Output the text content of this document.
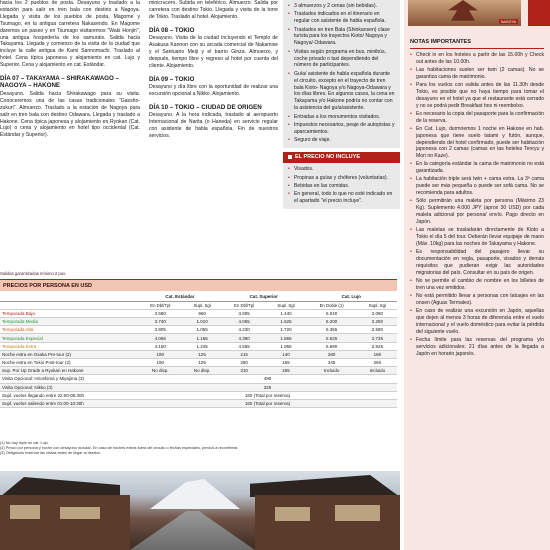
hacia los 2 pueblos de posta. Desayuno y traslado a la estación para salir en tren bala con destino a Nagoya. Llegada y visita de los pueblos de posta, Magome y Tsumago, en la antigua carretera Nakasendo. En Magome daremos un paseo y en Tsumago visitaremos "Waki Honjin", una antigua hospedería de los samuráis. Salida hacia Takayama. Llegada y comienzo de la visita de la ciudad que incluye la calle antigua de Kami Sannomachi. Traslado al hotel. Cena típica japonesa y alojamiento en cat. Lujo y Superior. Cena y alojamiento en cat. Estándar.
DÍA 07 – TAKAYAMA – SHIRAKAWAGO – NAGOYA – HAKONE
Desayuno. Salida hacia Shirakawago para su visita. Conoceremos una de las casas tradicionales "Gassho-zukuri". Almuerzo. Traslado a la estación de Nagoya para salir en tren bala con destino Odawara. Llegada y traslado a Hakone. Cena típica japonesa y alojamiento en Ryokan (Cat. Lujo) o cena y alojamiento en hotel tipo occidental (Cat. Estándar y Superior).
minicrucero. Subida en teleférico. Almuerzo. Salida por carretera con destino Tokio. Llegada y visita de la torre de Tokio. Traslado al hotel. Alojamiento.
DÍA 08 – TOKIO
Desayuno. Visita de la ciudad incluyendo el Templo de Asakusa Kannon con su arcada comercial de Nakamise y el Santuario Meiji y el barrio Ginza. Almuerzo, y después, tiempo libre y regreso al hotel por cuenta del cliente. Alojamiento.
DÍA 09 – TOKIO
Desayuno y día libre con la oportunidad de realizar una excursión opcional a Nikko. Alojamiento.
DÍA 10 – TOKIO – CIUDAD DE ORIGEN
Desayuno. A la hora indicada, traslado al aeropuerto Internacional de Narita (o Haneda) en servicio regular con asistente de habla española. Fin de nuestros servicios.
• 3 almuerzos y 2 cenas (sin bebidas).
• Traslados indicados en el itinerario en regular con asistente de habla española.
• Traslados en tren Bala (Shinkansen) clase turista para los trayectos Kioto/ Nagoya y Nagoya/ Odawara.
• Visitas según programa en bus, minibús, coche privado o taxi dependiendo del número de participantes.
• Guía/ asistente de habla española durante el circuito, excepto en el trayecto de tren bala Kioto- Nagoya y/o Nagoya-Odawara y los días libres. En algunos casos, la cena en Takayama y/o Hakone podría no contar con la asistencia del guía/asistente.
• Entradas a los monumentos visitados.
• Impuestos necesarios, peaje de autopistas y aparcamientos.
• Seguro de viaje.
EL PRECIO NO INCLUYE
• Visados.
• Propinas a guías y chóferes (voluntarias).
• Bebidas en las comidas.
• En general, todo lo que no esté indicado en el apartado "el precio incluye".
NOTAS IMPORTANTES
• Check in en los hoteles a partir de las 15.00h y Check out antes de las 10.00h.
• Las habitaciones suelen ser twin (2 camas). No se garantiza cama de matrimonio.
• Para los vuelos con salida antes de las 11.30h desde Tokio, es posible que no haya tiempo para tomar el desayuno en el hotel ya que el restaurante está cerrado y no se podrá pedir Breakfast box ni reembolso.
• Es necesario la copia del pasaporte para la confirmación de la reserva.
• En Cat. Lujo, durmiremos 1 noche en Hakone en hab. japonesa que tiene suelo tatami y futón, aunque, dependiendo del hotel confirmado, puede ser habitación japonesa con 2 camas (camas en las hoteles Tenryu y Mori no Kaze).
• En la categoría estándar la cama de matrimonio no está garantizada.
• La habitación triple será twin + cama extra. La 3ª cama puede ser más pequeña o puede ser sofá cama. No se recomienda para adultos.
• Sólo permitirán una maleta por persona (Máximo 23 Kg). Suplemento 4.000 JPY (aprox 30 USD) por cada maleta adicional por persona/ envío. Pago directo en Japón.
• Las maletas se trasladarán directamente de Kioto a Tokio el día 5 del tour. Deberán llevar equipaje de mano (Máx. 10kg) para las noches de Takayama y Hakone.
• Es responsabilidad del pasajero llevar su documentación en regla, pasaporte, visados y demás requisitos que pudieran exigir las autoridades migratorias del país. Consultar en su país de origen.
• No se permite el cambio de nombre en los billetes de tren una vez emitidos.
• No está permitido llevar a personas con tatuajes en las onsen (Aguas Termales).
• En caso de realizar una excursión en Japón, aquellas que dejen al menos 3 horas de diferencia entre el vuelo internacional y el vuelo doméstico para evitar la pérdida del siguiente vuelo.
• Fecha límite para las reservas del programa y/o servicios adicionales: 21 días antes de la llegada a Japón en horario japonés.
NAGOYA
Salidas garantizadas mínimo 2 pax.
PRECIOS POR PERSONA EN USD
	Cat. Estándar		Cat. Superior		Cat. Lujo	
	En Dbl/Tpl	Supl. Sgl	En Dbl/Tpl	Supl. Sgl	En Doble (1)	Supl. Sgl
Temporada Baja	3.580	960	3.905	1.440	5.040	2.080
Temporada Media	3.740	1.010	4.065	1.625	5.200	2.250
Temporada Alta	3.905	1.055	4.230	1.720	5.365	2.580
Temporada Especial	4.065	1.155	4.390	1.865	5.525	2.725
Temporada Extra	4.150	1.245	4.555	1.955	5.690	2.825
Noche extra en Osaka Pre-tour (2)	180	125	215	140	280	180
Noche extra en Tokio Post-tour (2)	190	125	260	155	345	260
Sup. Por Up Grade a Ryokan en Hakone	No disp.	No disp.	310	255	Incluido	Incluido
Visita Opcional: Hiroshima y Miyajima (3)	490					
Visita Opcional: Nikko (3)	325					
Supl. vuelos llegando entre 22:00-06:30h	160 (Total por reserva)					
Supl. vuelos saliendo entre 01:00-10:30h	160 (Total por reserva)					
(1) No hay triple en cat. Lujo.
(2) Precio por persona y noche con desayuno incluido. En caso de noches extras fuera del circuito o fechas especiales, precios a reconfirmar.
(3) Obligatorio reservar las visitas antes de llegar al destino.
